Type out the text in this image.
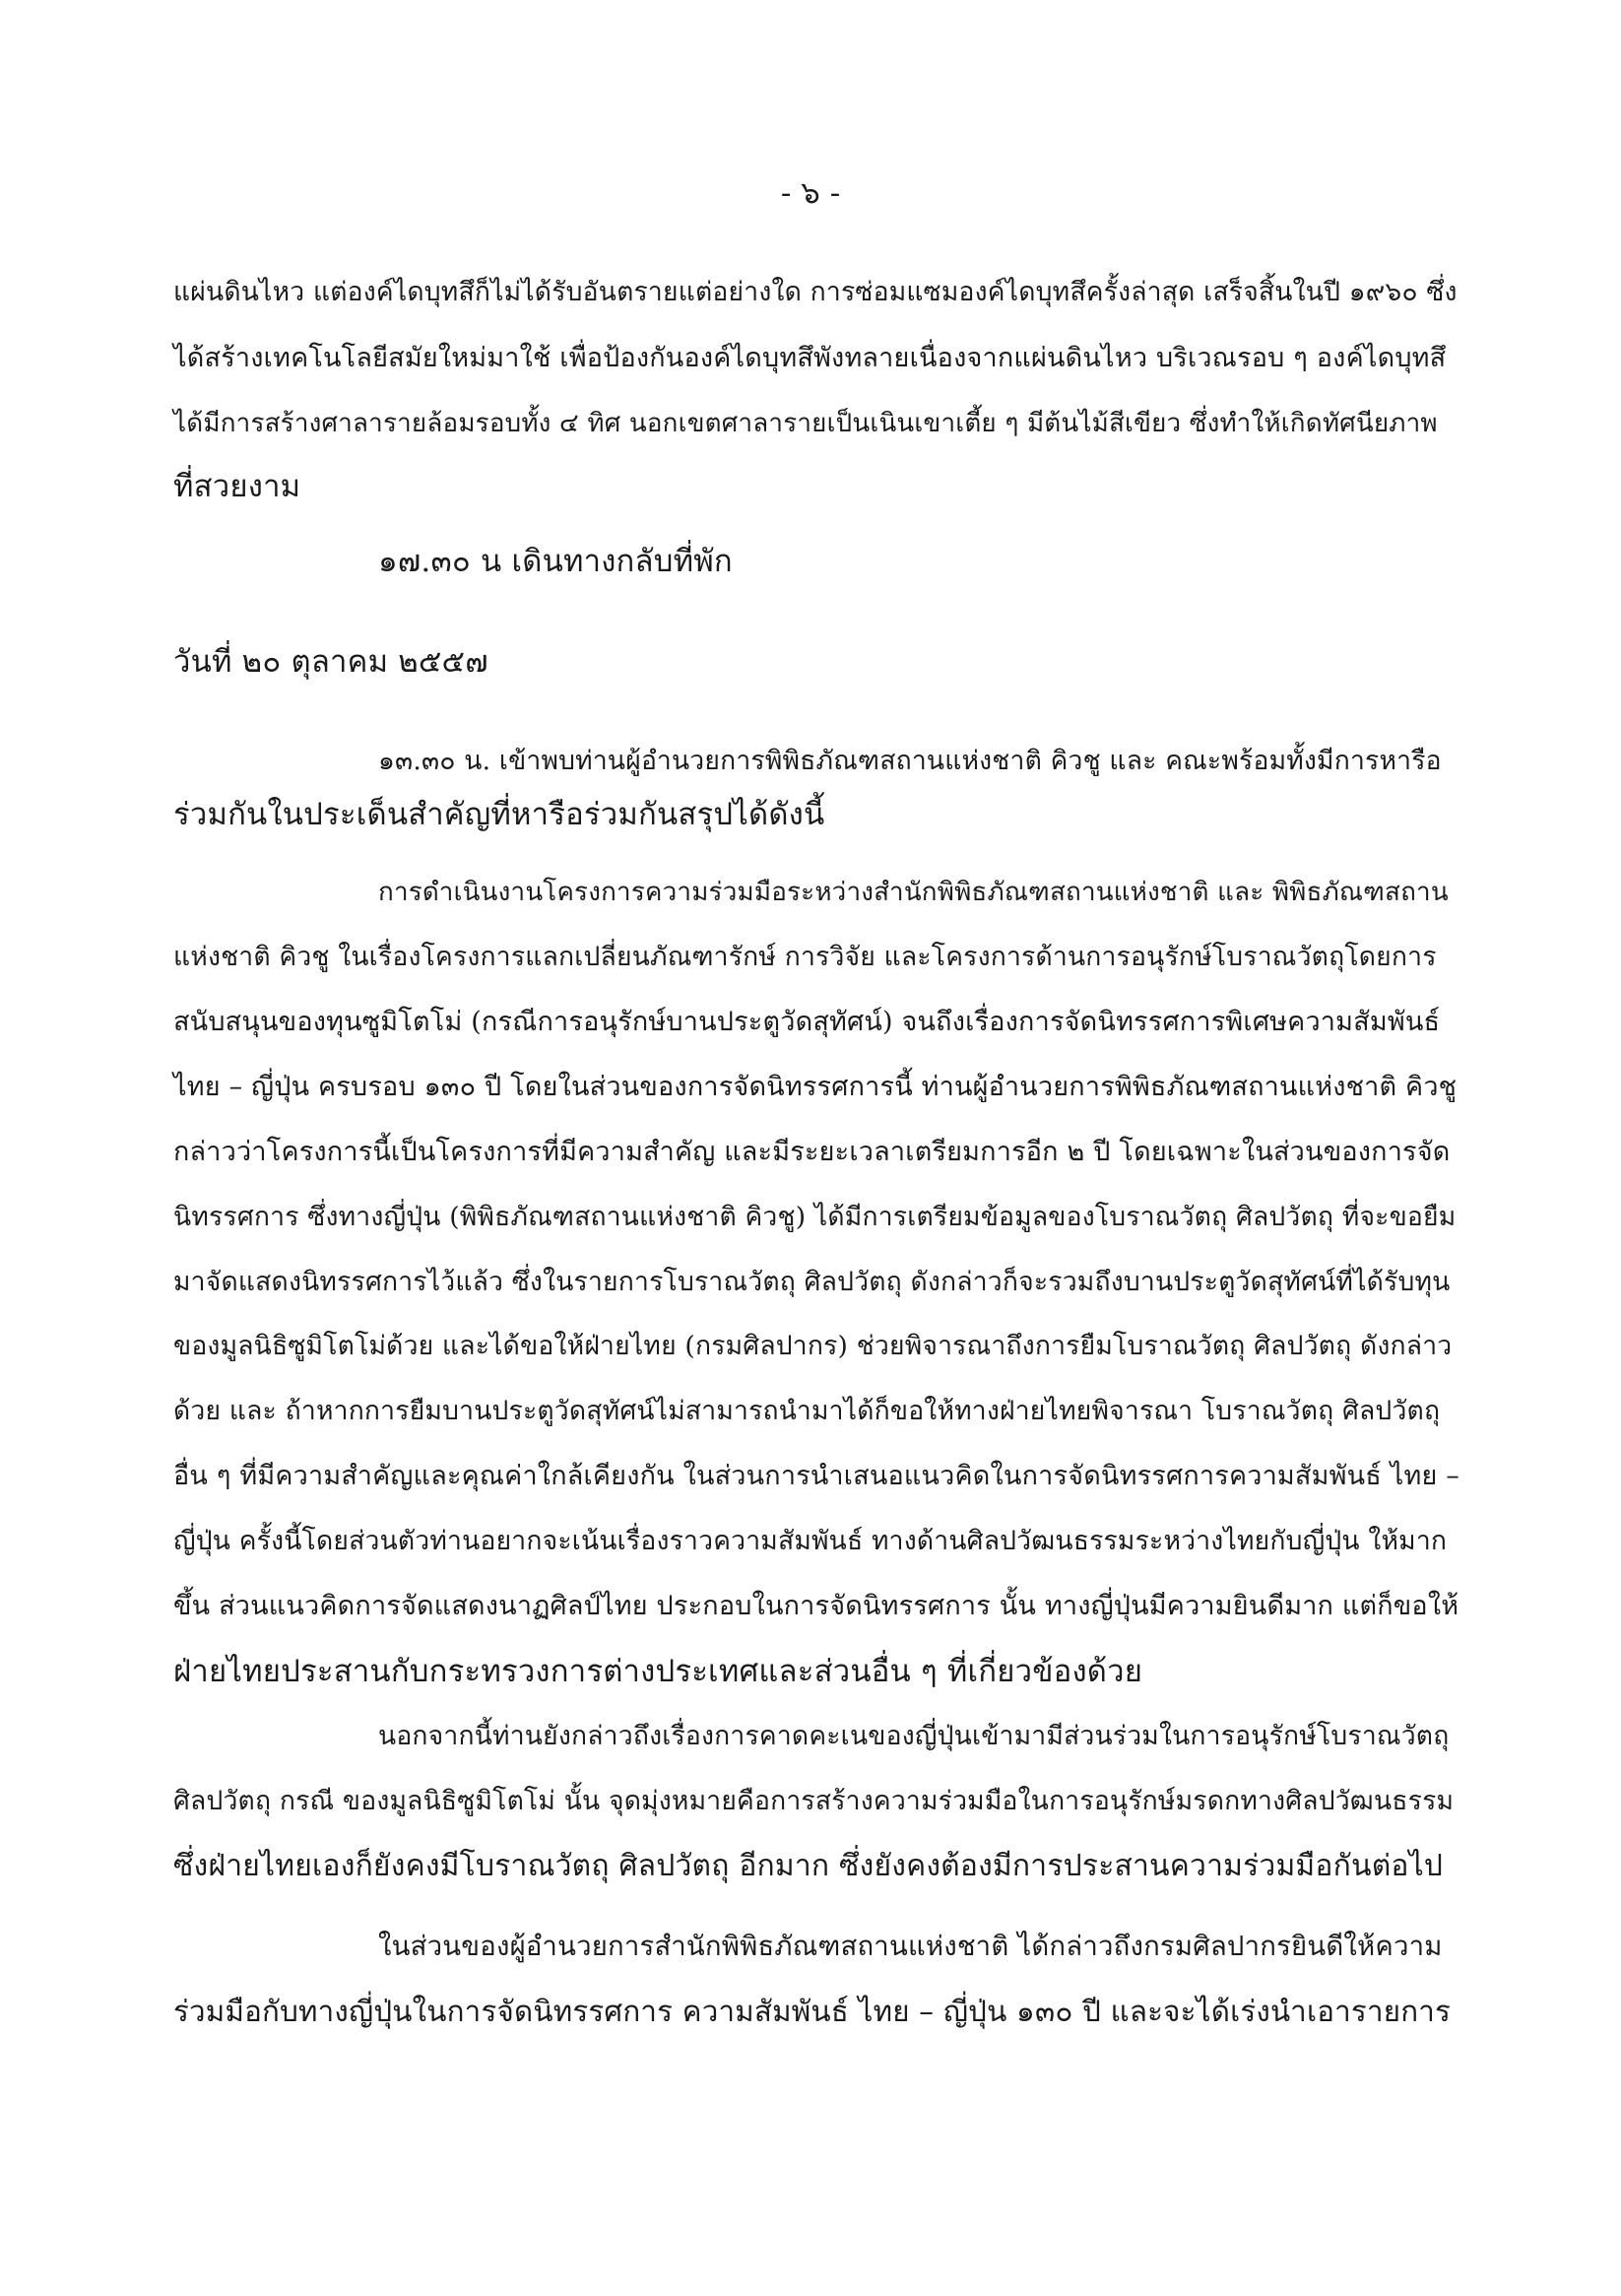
- ๖ -
แผ่นดินไหว แต่องค์ไดบุทสึก็ไม่ได้รับอันตรายแต่อย่างใด การซ่อมแซมองค์ไดบุทสึครั้งล่าสุด เสร็จสิ้นในปี ๑๙๖๐ ซึ่ง
ได้สร้างเทคโนโลยีสมัยใหม่มาใช้ เพื่อป้องกันองค์ไดบุทสึพังทลายเนื่องจากแผ่นดินไหว บริเวณรอบ ๆ องค์ไดบุทสึ
ได้มีการสร้างศาลารายล้อมรอบทั้ง ๔ ทิศ นอกเขตศาลารายเป็นเนินเขาเตี้ย ๆ มีต้นไม้สีเขียว ซึ่งทำให้เกิดทัศนียภาพ
ที่สวยงาม
๑๗.๓๐ น เดินทางกลับที่พัก
วันที่ ๒๐ ตุลาคม ๒๕๕๗
๑๓.๓๐ น. เข้าพบท่านผู้อำนวยการพิพิธภัณฑสถานแห่งชาติ คิวชู และ คณะพร้อมทั้งมีการหารือ
ร่วมกันในประเด็นสำคัญที่หารือร่วมกันสรุปได้ดังนี้
การดำเนินงานโครงการความร่วมมือระหว่างสำนักพิพิธภัณฑสถานแห่งชาติ และ พิพิธภัณฑสถาน
แห่งชาติ คิวชู ในเรื่องโครงการแลกเปลี่ยนภัณฑารักษ์ การวิจัย และโครงการด้านการอนุรักษ์โบราณวัตถุโดยการ
สนับสนุนของทุนซูมิโตโม่ (กรณีการอนุรักษ์บานประตูวัดสุทัศน์) จนถึงเรื่องการจัดนิทรรศการพิเศษความสัมพันธ์
ไทย – ญี่ปุ่น ครบรอบ ๑๓๐ ปี โดยในส่วนของการจัดนิทรรศการนี้ ท่านผู้อำนวยการพิพิธภัณฑสถานแห่งชาติ คิวชู
กล่าวว่าโครงการนี้เป็นโครงการที่มีความสำคัญ และมีระยะเวลาเตรียมการอีก ๒ ปี โดยเฉพาะในส่วนของการจัด
นิทรรศการ ซึ่งทางญี่ปุ่น (พิพิธภัณฑสถานแห่งชาติ คิวชู) ได้มีการเตรียมข้อมูลของโบราณวัตถุ ศิลปวัตถุ ที่จะขอยืม
มาจัดแสดงนิทรรศการไว้แล้ว ซึ่งในรายการโบราณวัตถุ ศิลปวัตถุ ดังกล่าวก็จะรวมถึงบานประตูวัดสุทัศน์ที่ได้รับทุน
ของมูลนิธิซูมิโตโม่ด้วย และได้ขอให้ฝ่ายไทย (กรมศิลปากร) ช่วยพิจารณาถึงการยืมโบราณวัตถุ ศิลปวัตถุ ดังกล่าว
ด้วย และ ถ้าหากการยืมบานประตูวัดสุทัศน์ไม่สามารถนำมาได้ก็ขอให้ทางฝ่ายไทยพิจารณา โบราณวัตถุ ศิลปวัตถุ
อื่น ๆ ที่มีความสำคัญและคุณค่าใกล้เคียงกัน ในส่วนการนำเสนอแนวคิดในการจัดนิทรรศการความสัมพันธ์ ไทย –
ญี่ปุ่น ครั้งนี้โดยส่วนตัวท่านอยากจะเน้นเรื่องราวความสัมพันธ์ ทางด้านศิลปวัฒนธรรมระหว่างไทยกับญี่ปุ่น ให้มาก
ขึ้น ส่วนแนวคิดการจัดแสดงนาฏศิลป์ไทย ประกอบในการจัดนิทรรศการ นั้น ทางญี่ปุ่นมีความยินดีมาก แต่ก็ขอให้
ฝ่ายไทยประสานกับกระทรวงการต่างประเทศและส่วนอื่น ๆ ที่เกี่ยวข้องด้วย
นอกจากนี้ท่านยังกล่าวถึงเรื่องการคาดคะเนของญี่ปุ่นเข้ามามีส่วนร่วมในการอนุรักษ์โบราณวัตถุ
ศิลปวัตถุ กรณี ของมูลนิธิซูมิโตโม่ นั้น จุดมุ่งหมายคือการสร้างความร่วมมือในการอนุรักษ์มรดกทางศิลปวัฒนธรรม
ซึ่งฝ่ายไทยเองก็ยังคงมีโบราณวัตถุ ศิลปวัตถุ อีกมาก ซึ่งยังคงต้องมีการประสานความร่วมมือกันต่อไป
ในส่วนของผู้อำนวยการสำนักพิพิธภัณฑสถานแห่งชาติ ได้กล่าวถึงกรมศิลปากรยินดีให้ความ
ร่วมมือกับทางญี่ปุ่นในการจัดนิทรรศการ ความสัมพันธ์ ไทย – ญี่ปุ่น ๑๓๐ ปี และจะได้เร่งนำเอารายการ
